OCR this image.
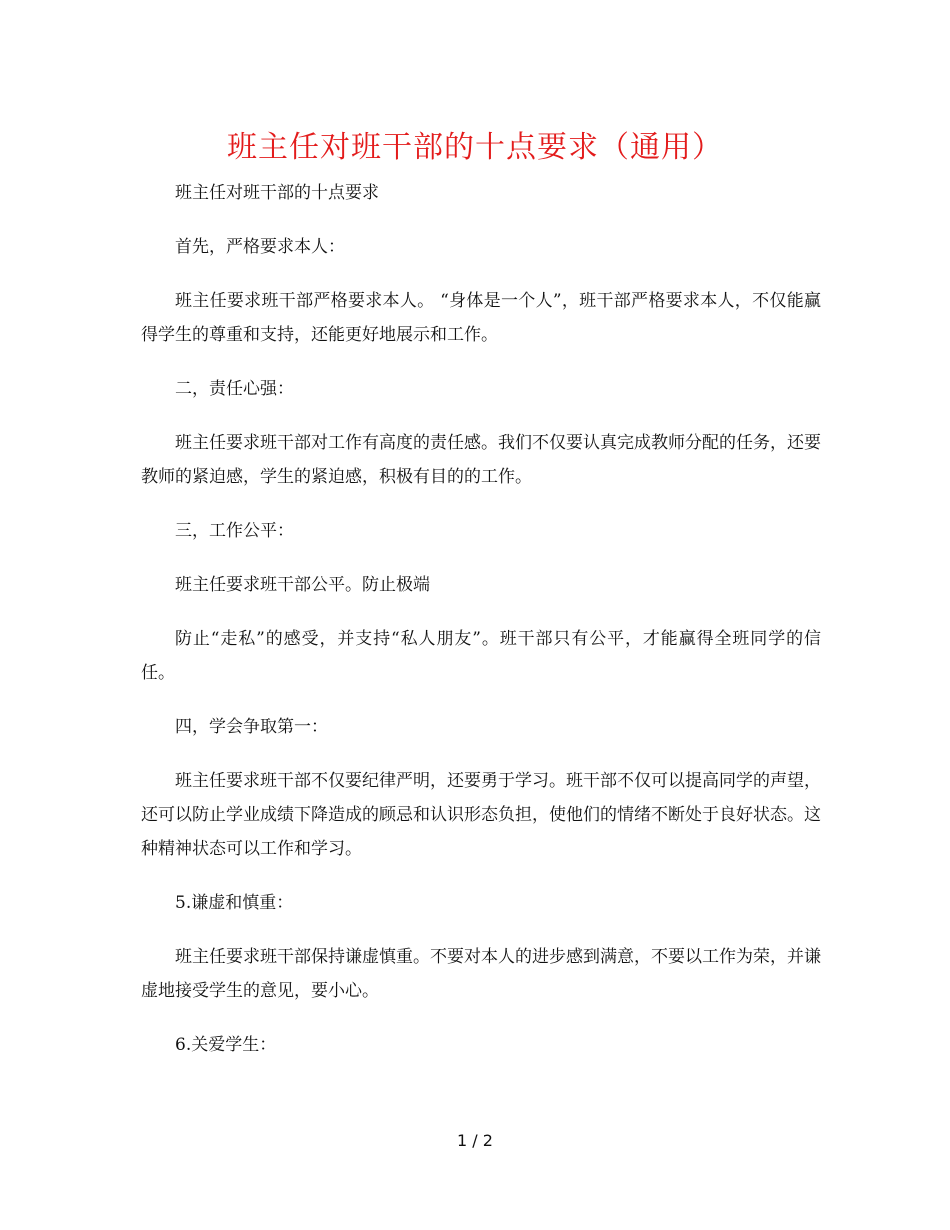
班主任对班干部的十点要求（通用）

班主任对班干部的十点要求

首先，严格要求本人：

班主任要求班干部严格要求本人。 “身体是一个人”，班干部严格要求本人，不仅能赢得学生的尊重和支持，还能更好地展示和工作。

二，责任心强：

班主任要求班干部对工作有高度的责任感。我们不仅要认真完成教师分配的任务，还要教师的紧迫感，学生的紧迫感，积极有目的的工作。

三，工作公平：

班主任要求班干部公平。防止极端

防止“走私”的感受，并支持“私人朋友”。班干部只有公平，才能赢得全班同学的信任。

四，学会争取第一：

班主任要求班干部不仅要纪律严明，还要勇于学习。班干部不仅可以提高同学的声望，还可以防止学业成绩下降造成的顾忌和认识形态负担，使他们的情绪不断处于良好状态。这种精神状态可以工作和学习。

5.谦虚和慎重：

班主任要求班干部保持谦虚慎重。不要对本人的进步感到满意，不要以工作为荣，并谦虚地接受学生的意见，要小心。

6.关爱学生：

1 / 2
